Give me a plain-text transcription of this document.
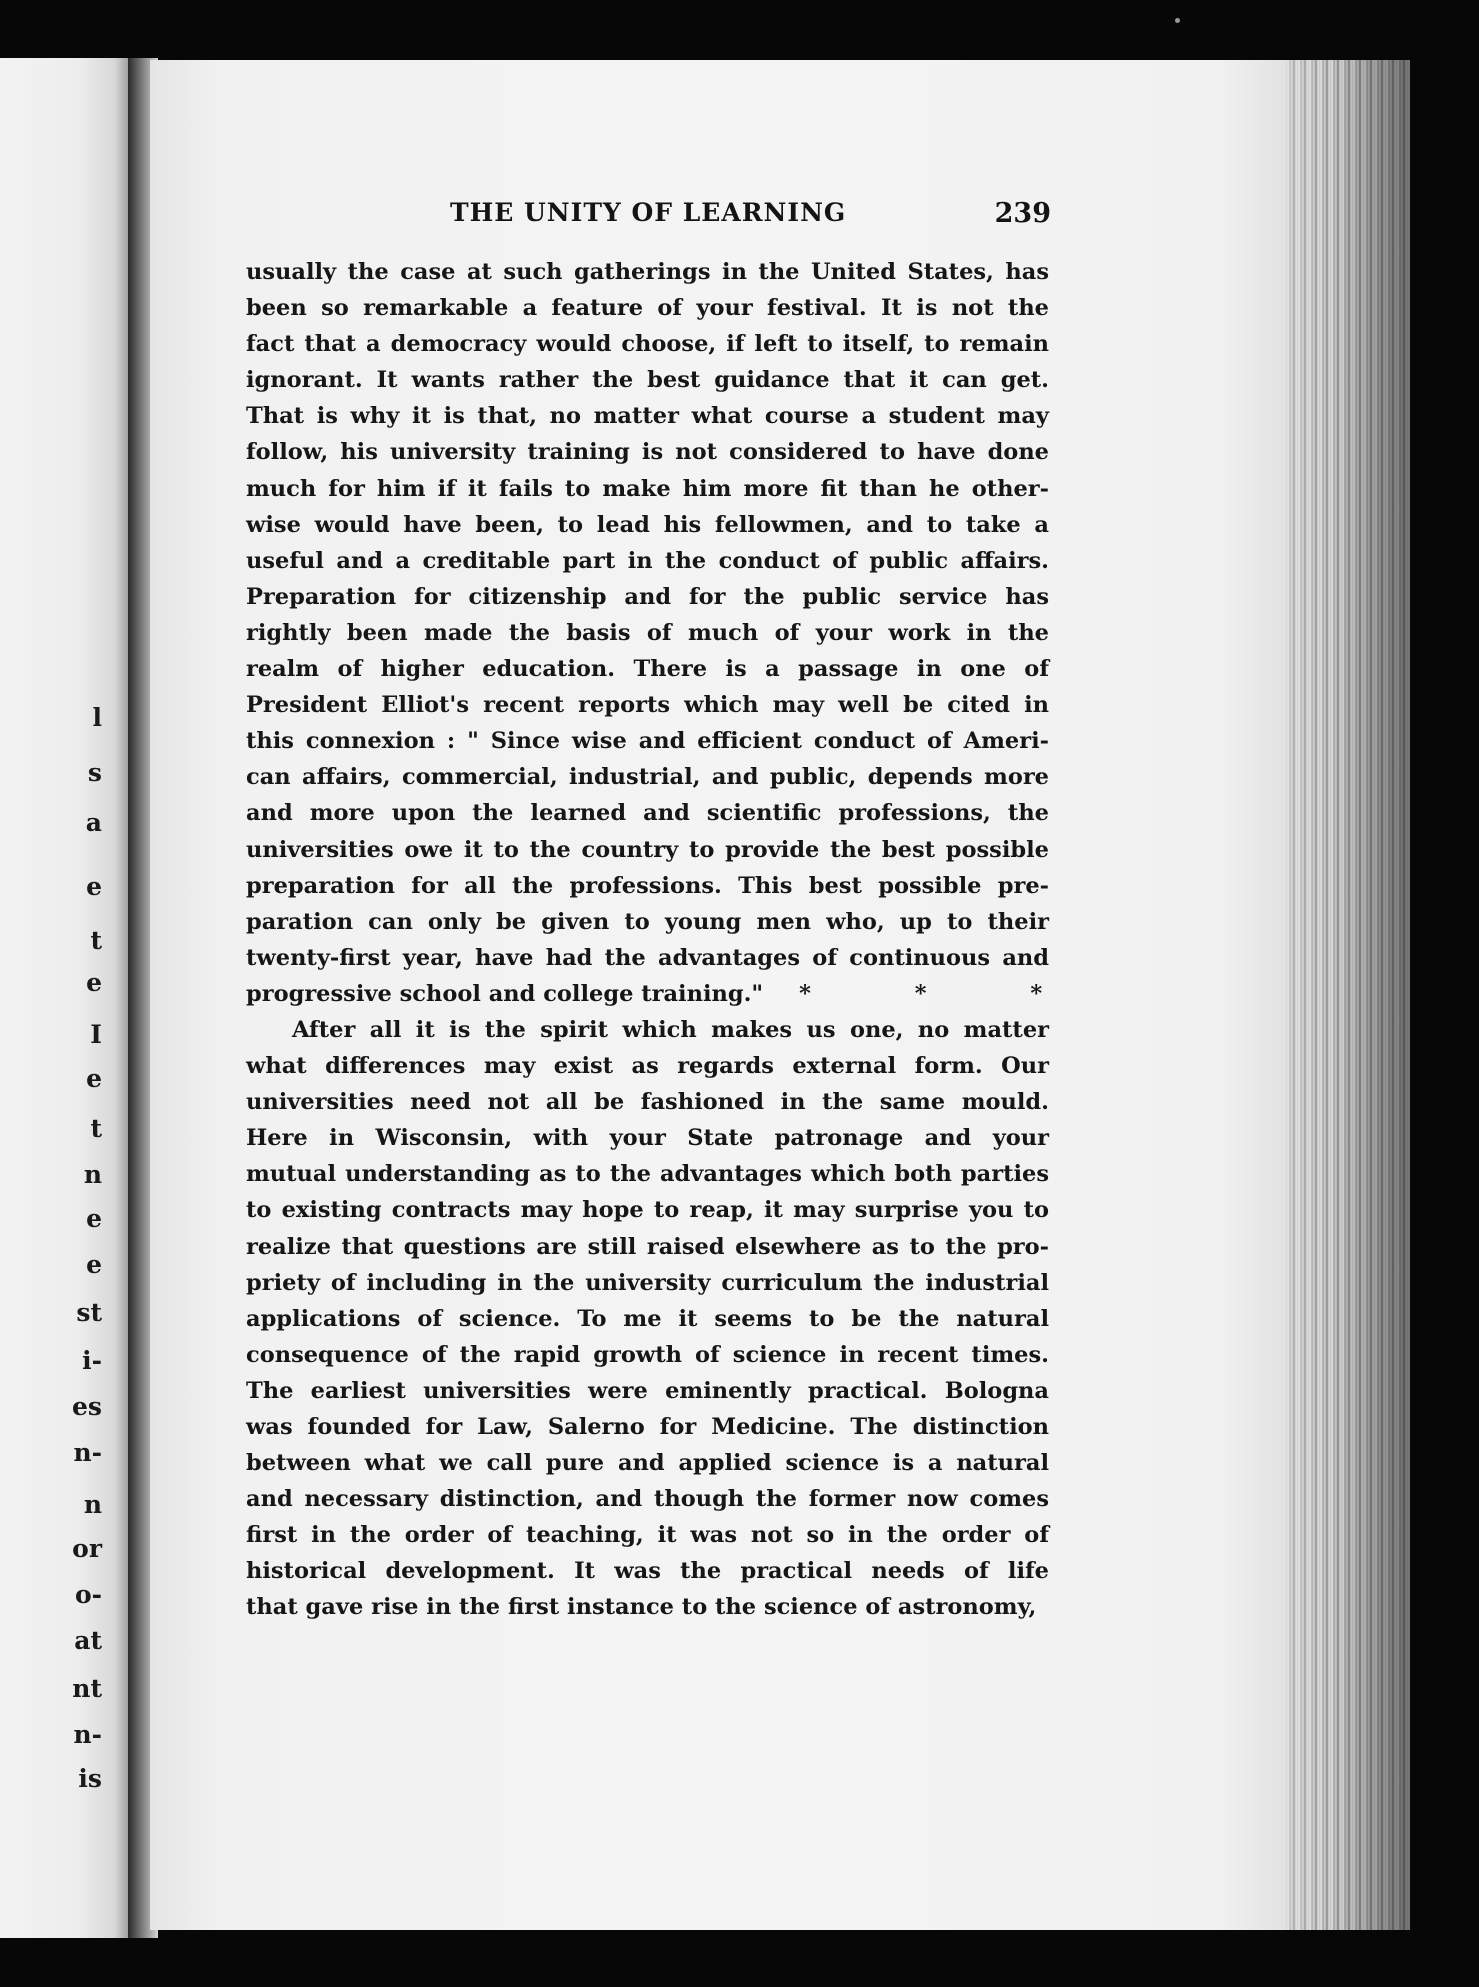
l
s
a
e
t
e
I
e
t
n
e
e
st
i-
es
n-
n
or
o-
at
nt
n-
is
THE UNITY OF LEARNING	239
usually the case at such gatherings in the United States, has
been so remarkable a feature of your festival. It is not the
fact that a democracy would choose, if left to itself, to remain
ignorant. It wants rather the best guidance that it can get.
That is why it is that, no matter what course a student may
follow, his university training is not considered to have done
much for him if it fails to make him more fit than he other-
wise would have been, to lead his fellowmen, and to take a
useful and a creditable part in the conduct of public affairs.
Preparation for citizenship and for the public service has
rightly been made the basis of much of your work in the
realm of higher education. There is a passage in one of
President Elliot's recent reports which may well be cited in
this connexion : " Since wise and efficient conduct of Ameri-
can affairs, commercial, industrial, and public, depends more
and more upon the learned and scientific professions, the
universities owe it to the country to provide the best possible
preparation for all the professions. This best possible pre-
paration can only be given to young men who, up to their
twenty-first year, have had the advantages of continuous and
progressive school and college training." * * *
After all it is the spirit which makes us one, no matter
what differences may exist as regards external form. Our
universities need not all be fashioned in the same mould.
Here in Wisconsin, with your State patronage and your
mutual understanding as to the advantages which both parties
to existing contracts may hope to reap, it may surprise you to
realize that questions are still raised elsewhere as to the pro-
priety of including in the university curriculum the industrial
applications of science. To me it seems to be the natural
consequence of the rapid growth of science in recent times.
The earliest universities were eminently practical. Bologna
was founded for Law, Salerno for Medicine. The distinction
between what we call pure and applied science is a natural
and necessary distinction, and though the former now comes
first in the order of teaching, it was not so in the order of
historical development. It was the practical needs of life
that gave rise in the first instance to the science of astronomy,
